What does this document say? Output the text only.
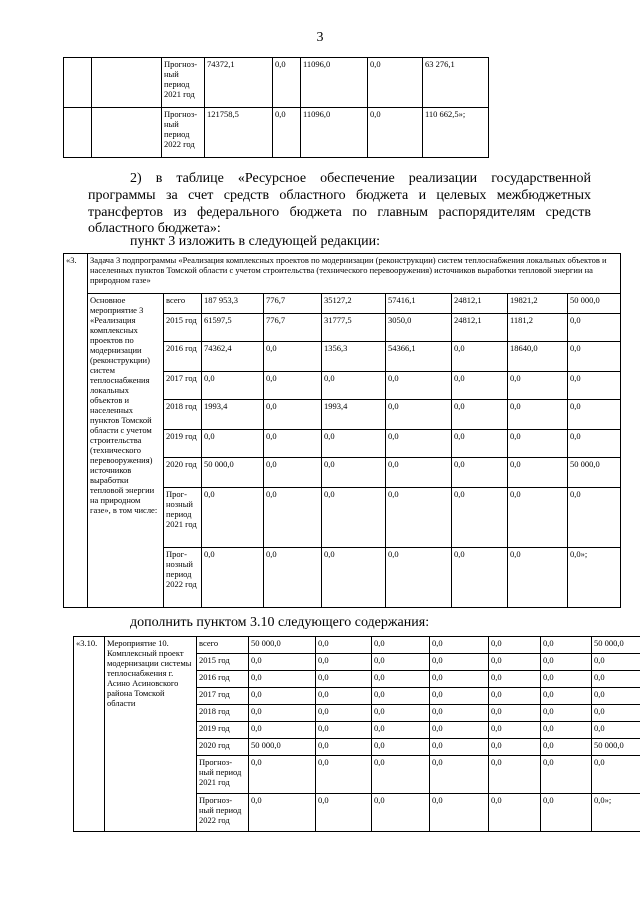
3
		Прогноз-ный период 2021 год	74372,1	0,0	11096,0	0,0	63 276,1
		Прогноз-ный период 2022 год	121758,5	0,0	11096,0	0,0	110 662,5»;
2) в таблице «Ресурсное обеспечение реализации государственной программы за счет средств областного бюджета и целевых межбюджетных трансфертов из федерального бюджета по главным распорядителям средств областного бюджета»:
пункт 3 изложить в следующей редакции:
«3.	Задача 3 подпрограммы «Реализация комплексных проектов по модернизации (реконструкции) систем теплоснабжения локальных объектов и населенных пунктов Томской области с учетом строительства (технического перевооружения) источников выработки тепловой энергии на природном газе»								
	Основное мероприятие 3 «Реализация комплексных проектов по модернизации (реконструкции) систем теплоснабжения локальных объектов и населенных пунктов Томской области с учетом строительства (технического перевооружения) источников выработки тепловой энергии на природном газе», в том числе:	всего	187 953,3	776,7	35127,2	57416,1	24812,1	19821,2	50 000,0
		2015 год	61597,5	776,7	31777,5	3050,0	24812,1	1181,2	0,0
		2016 год	74362,4	0,0	1356,3	54366,1	0,0	18640,0	0,0
		2017 год	0,0	0,0	0,0	0,0	0,0	0,0	0,0
		2018 год	1993,4	0,0	1993,4	0,0	0,0	0,0	0,0
		2019 год	0,0	0,0	0,0	0,0	0,0	0,0	0,0
		2020 год	50 000,0	0,0	0,0	0,0	0,0	0,0	50 000,0
		Прог-нозный период 2021 год	0,0	0,0	0,0	0,0	0,0	0,0	0,0
		Прог-нозный период 2022 год	0,0	0,0	0,0	0,0	0,0	0,0	0,0»;
дополнить пунктом 3.10 следующего содержания:
«3.10.	Мероприятие 10. Комплексный проект модернизации системы теплоснабжения г. Асино Асиновского района Томской области	всего	50 000,0	0,0	0,0	0,0	0,0	0,0	50 000,0
		2015 год	0,0	0,0	0,0	0,0	0,0	0,0	0,0
		2016 год	0,0	0,0	0,0	0,0	0,0	0,0	0,0
		2017 год	0,0	0,0	0,0	0,0	0,0	0,0	0,0
		2018 год	0,0	0,0	0,0	0,0	0,0	0,0	0,0
		2019 год	0,0	0,0	0,0	0,0	0,0	0,0	0,0
		2020 год	50 000,0	0,0	0,0	0,0	0,0	0,0	50 000,0
		Прогноз-ный период 2021 год	0,0	0,0	0,0	0,0	0,0	0,0	0,0
		Прогноз-ный период 2022 год	0,0	0,0	0,0	0,0	0,0	0,0	0,0»;
